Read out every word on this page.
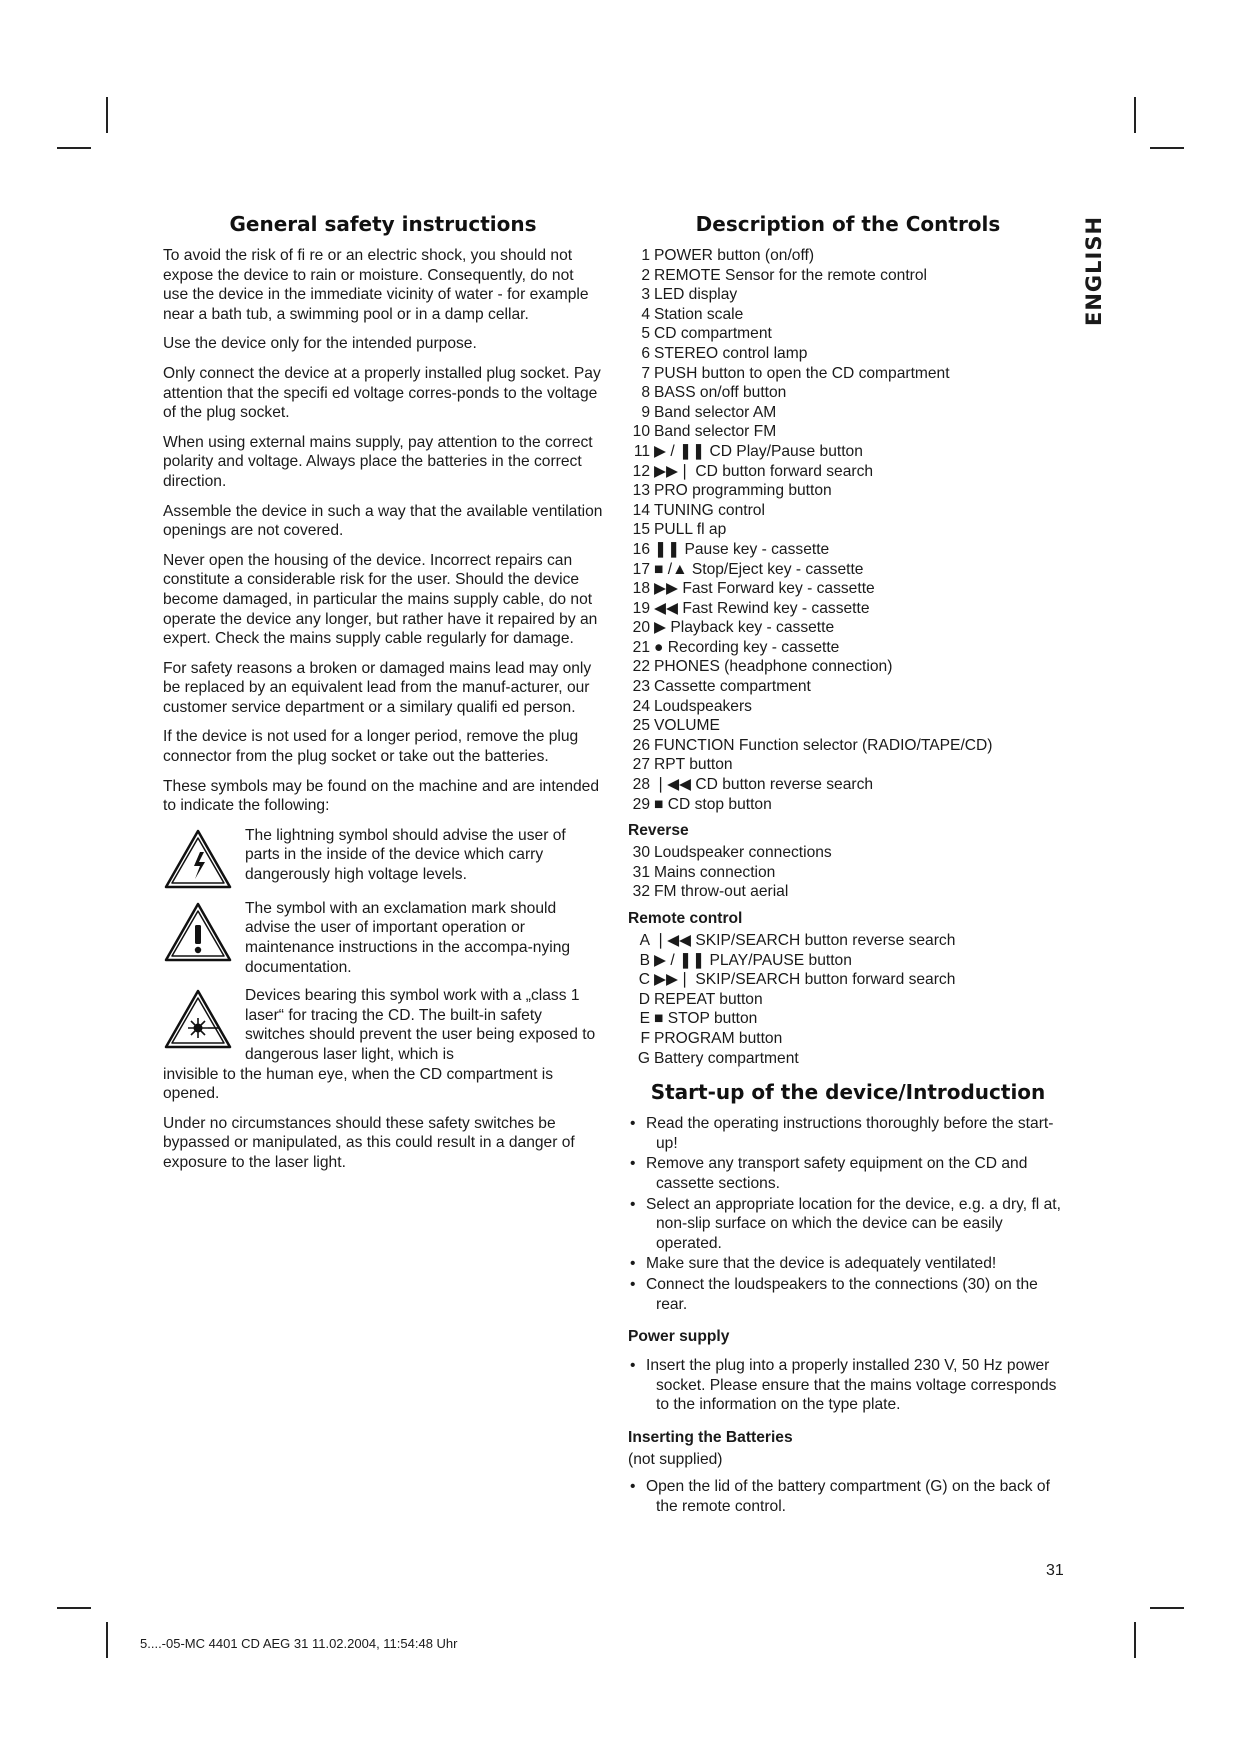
ENGLISH
General safety instructions

To avoid the risk of fi re or an electric shock, you should not expose the device to rain or moisture. Consequently, do not use the device in the immediate vicinity of water - for example near a bath tub, a swimming pool or in a damp cellar.

Use the device only for the intended purpose.

Only connect the device at a properly installed plug socket. Pay attention that the specifi ed voltage corres-ponds to the voltage of the plug socket.

When using external mains supply, pay attention to the correct polarity and voltage. Always place the batteries in the correct direction.

Assemble the device in such a way that the available ventilation openings are not covered.

Never open the housing of the device. Incorrect repairs can constitute a considerable risk for the user. Should the device become damaged, in particular the mains supply cable, do not operate the device any longer, but rather have it repaired by an expert. Check the mains supply cable regularly for damage.

For safety reasons a broken or damaged mains lead may only be replaced by an equivalent lead from the manuf-acturer, our customer service department or a similary qualifi ed person.

If the device is not used for a longer period, remove the plug connector from the plug socket or take out the batteries.

These symbols may be found on the machine and are intended to indicate the following:

The lightning symbol should advise the user of parts in the inside of the device which carry dangerously high voltage levels.
The symbol with an exclamation mark should advise the user of important operation or maintenance instructions in the accompa-nying documentation.
Devices bearing this symbol work with a „class 1 laser“ for tracing the CD. The built-in safety switches should prevent the user being exposed to dangerous laser light, which is
invisible to the human eye, when the CD compartment is opened.

Under no circumstances should these safety switches be bypassed or manipulated, as this could result in a danger of exposure to the laser light.

Description of the Controls
1 POWER button (on/off)
2 REMOTE Sensor for the remote control
3 LED display
4 Station scale
5 CD compartment
6 STEREO control lamp
7 PUSH button to open the CD compartment
8 BASS on/off button
9 Band selector AM
10 Band selector FM
11 ▶ / ❚❚ CD Play/Pause button
12 ▶▶❘ CD button forward search
13 PRO programming button
14 TUNING control
15 PULL fl ap
16 ❚❚ Pause key - cassette
17 ■ /▲ Stop/Eject key - cassette
18 ▶▶ Fast Forward key - cassette
19 ◀◀ Fast Rewind key - cassette
20 ▶ Playback key - cassette
21 ● Recording key - cassette
22 PHONES (headphone connection)
23 Cassette compartment
24 Loudspeakers
25 VOLUME
26 FUNCTION Function selector (RADIO/TAPE/CD)
27 RPT button
28 ❘◀◀ CD button reverse search
29 ■ CD stop button
Reverse
30 Loudspeaker connections
31 Mains connection
32 FM throw-out aerial
Remote control
A ❘◀◀ SKIP/SEARCH button reverse search
B ▶ / ❚❚ PLAY/PAUSE button
C ▶▶❘ SKIP/SEARCH button forward search
D REPEAT button
E ■ STOP button
F PROGRAM button
G Battery compartment
Start-up of the device/Introduction
• Read the operating instructions thoroughly before the start-up!
• Remove any transport safety equipment on the CD and cassette sections.
• Select an appropriate location for the device, e.g. a dry, fl at, non-slip surface on which the device can be easily operated.
• Make sure that the device is adequately ventilated!
• Connect the loudspeakers to the connections (30) on the rear.
Power supply
• Insert the plug into a properly installed 230 V, 50 Hz power socket. Please ensure that the mains voltage corresponds to the information on the type plate.
Inserting the Batteries
(not supplied)
• Open the lid of the battery compartment (G) on the back of the remote control.
31
5....-05-MC 4401 CD AEG 31 11.02.2004, 11:54:48 Uhr
